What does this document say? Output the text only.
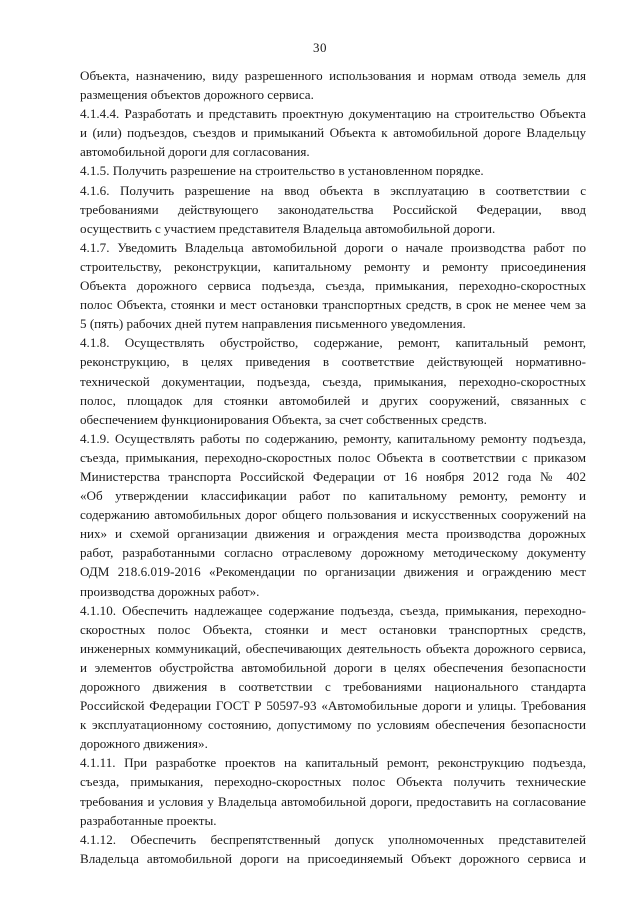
30
Объекта, назначению, виду разрешенного использования и нормам отвода земель для
размещения объектов дорожного сервиса.
4.1.4.4. Разработать и представить проектную документацию на строительство Объекта
и (или) подъездов, съездов и примыканий Объекта к автомобильной дороге Владельцу
автомобильной дороги для согласования.
4.1.5. Получить разрешение на строительство в установленном порядке.
4.1.6. Получить разрешение на ввод объекта в эксплуатацию в соответствии с
требованиями действующего законодательства Российской Федерации, ввод
осуществить с участием представителя Владельца автомобильной дороги.
4.1.7. Уведомить Владельца автомобильной дороги о начале производства работ по
строительству, реконструкции, капитальному ремонту и ремонту присоединения
Объекта дорожного сервиса подъезда, съезда, примыкания, переходно-скоростных
полос Объекта, стоянки и мест остановки транспортных средств, в срок не менее чем за
5 (пять) рабочих дней путем направления письменного уведомления.
4.1.8. Осуществлять обустройство, содержание, ремонт, капитальный ремонт,
реконструкцию, в целях приведения в соответствие действующей нормативно-
технической документации, подъезда, съезда, примыкания, переходно-скоростных
полос, площадок для стоянки автомобилей и других сооружений, связанных с
обеспечением функционирования Объекта, за счет собственных средств.
4.1.9. Осуществлять работы по содержанию, ремонту, капитальному ремонту подъезда,
съезда, примыкания, переходно-скоростных полос Объекта в соответствии с приказом
Министерства транспорта Российской Федерации от 16 ноября 2012 года № 402
«Об утверждении классификации работ по капитальному ремонту, ремонту и
содержанию автомобильных дорог общего пользования и искусственных сооружений на
них» и схемой организации движения и ограждения места производства дорожных
работ, разработанными согласно отраслевому дорожному методическому документу
ОДМ 218.6.019-2016 «Рекомендации по организации движения и ограждению мест
производства дорожных работ».
4.1.10. Обеспечить надлежащее содержание подъезда, съезда, примыкания, переходно-
скоростных полос Объекта, стоянки и мест остановки транспортных средств,
инженерных коммуникаций, обеспечивающих деятельность объекта дорожного сервиса,
и элементов обустройства автомобильной дороги в целях обеспечения безопасности
дорожного движения в соответствии с требованиями национального стандарта
Российской Федерации ГОСТ Р 50597-93 «Автомобильные дороги и улицы. Требования
к эксплуатационному состоянию, допустимому по условиям обеспечения безопасности
дорожного движения».
4.1.11. При разработке проектов на капитальный ремонт, реконструкцию подъезда,
съезда, примыкания, переходно-скоростных полос Объекта получить технические
требования и условия у Владельца автомобильной дороги, предоставить на согласование
разработанные проекты.
4.1.12. Обеспечить беспрепятственный допуск уполномоченных представителей
Владельца автомобильной дороги на присоединяемый Объект дорожного сервиса и
